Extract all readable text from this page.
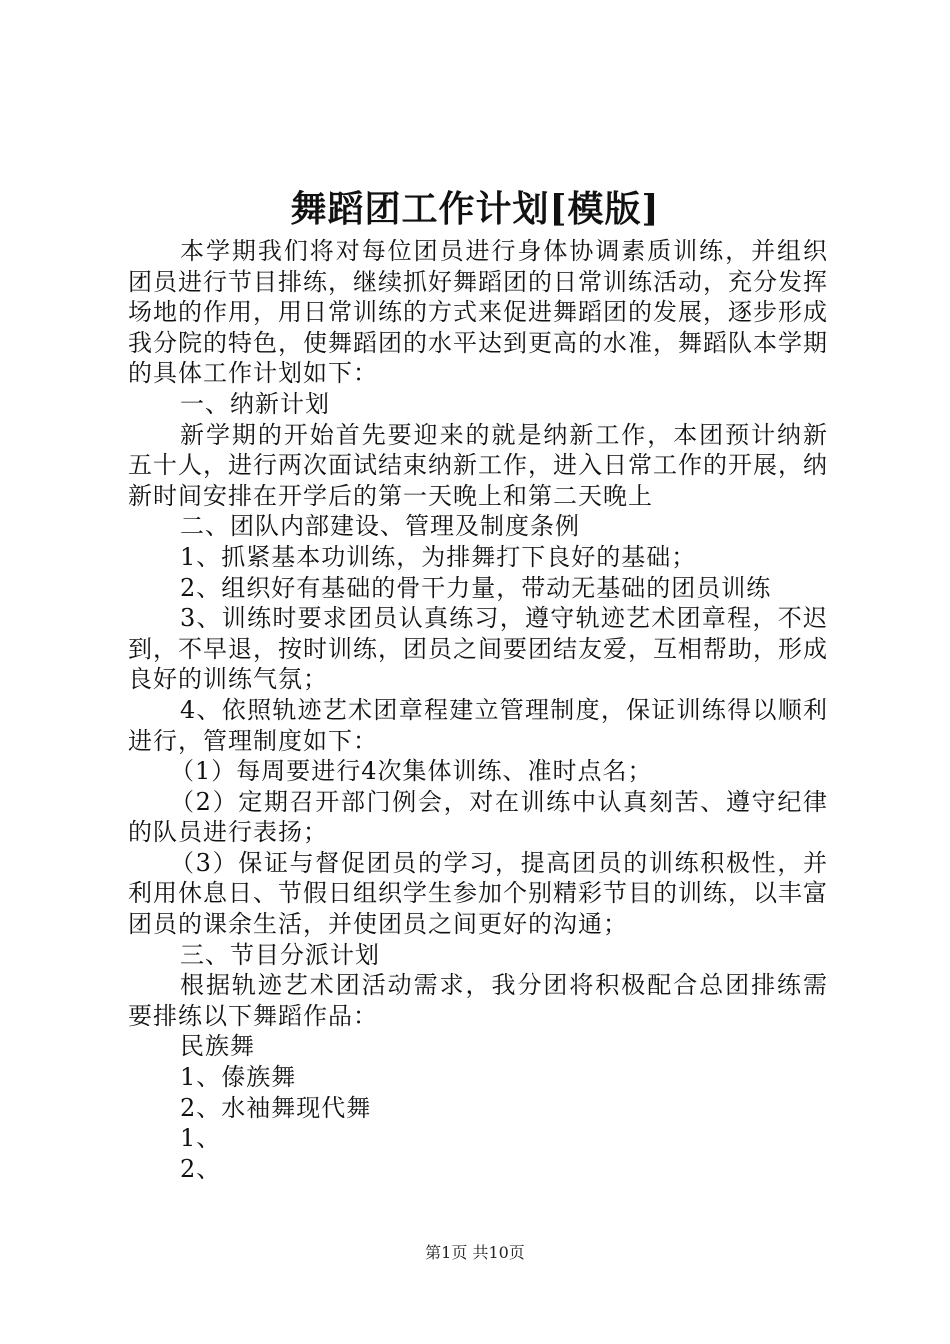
舞蹈团工作计划[模版]

本学期我们将对每位团员进行身体协调素质训练，并组织团员进行节目排练，继续抓好舞蹈团的日常训练活动，充分发挥场地的作用，用日常训练的方式来促进舞蹈团的发展，逐步形成我分院的特色，使舞蹈团的水平达到更高的水准，舞蹈队本学期的具体工作计划如下：

一、纳新计划

新学期的开始首先要迎来的就是纳新工作，本团预计纳新五十人，进行两次面试结束纳新工作，进入日常工作的开展，纳新时间安排在开学后的第一天晚上和第二天晚上

二、团队内部建设、管理及制度条例

1、抓紧基本功训练，为排舞打下良好的基础；

2、组织好有基础的骨干力量，带动无基础的团员训练

3、训练时要求团员认真练习，遵守轨迹艺术团章程，不迟到，不早退，按时训练，团员之间要团结友爱，互相帮助，形成良好的训练气氛；

4、依照轨迹艺术团章程建立管理制度，保证训练得以顺利进行，管理制度如下：

（1）每周要进行4次集体训练、准时点名；

（2）定期召开部门例会，对在训练中认真刻苦、遵守纪律的队员进行表扬；

（3）保证与督促团员的学习，提高团员的训练积极性，并利用休息日、节假日组织学生参加个别精彩节目的训练，以丰富团员的课余生活，并使团员之间更好的沟通；

三、节目分派计划

根据轨迹艺术团活动需求，我分团将积极配合总团排练需要排练以下舞蹈作品：

民族舞

1、傣族舞

2、水袖舞现代舞

1、

2、

第1页 共10页
